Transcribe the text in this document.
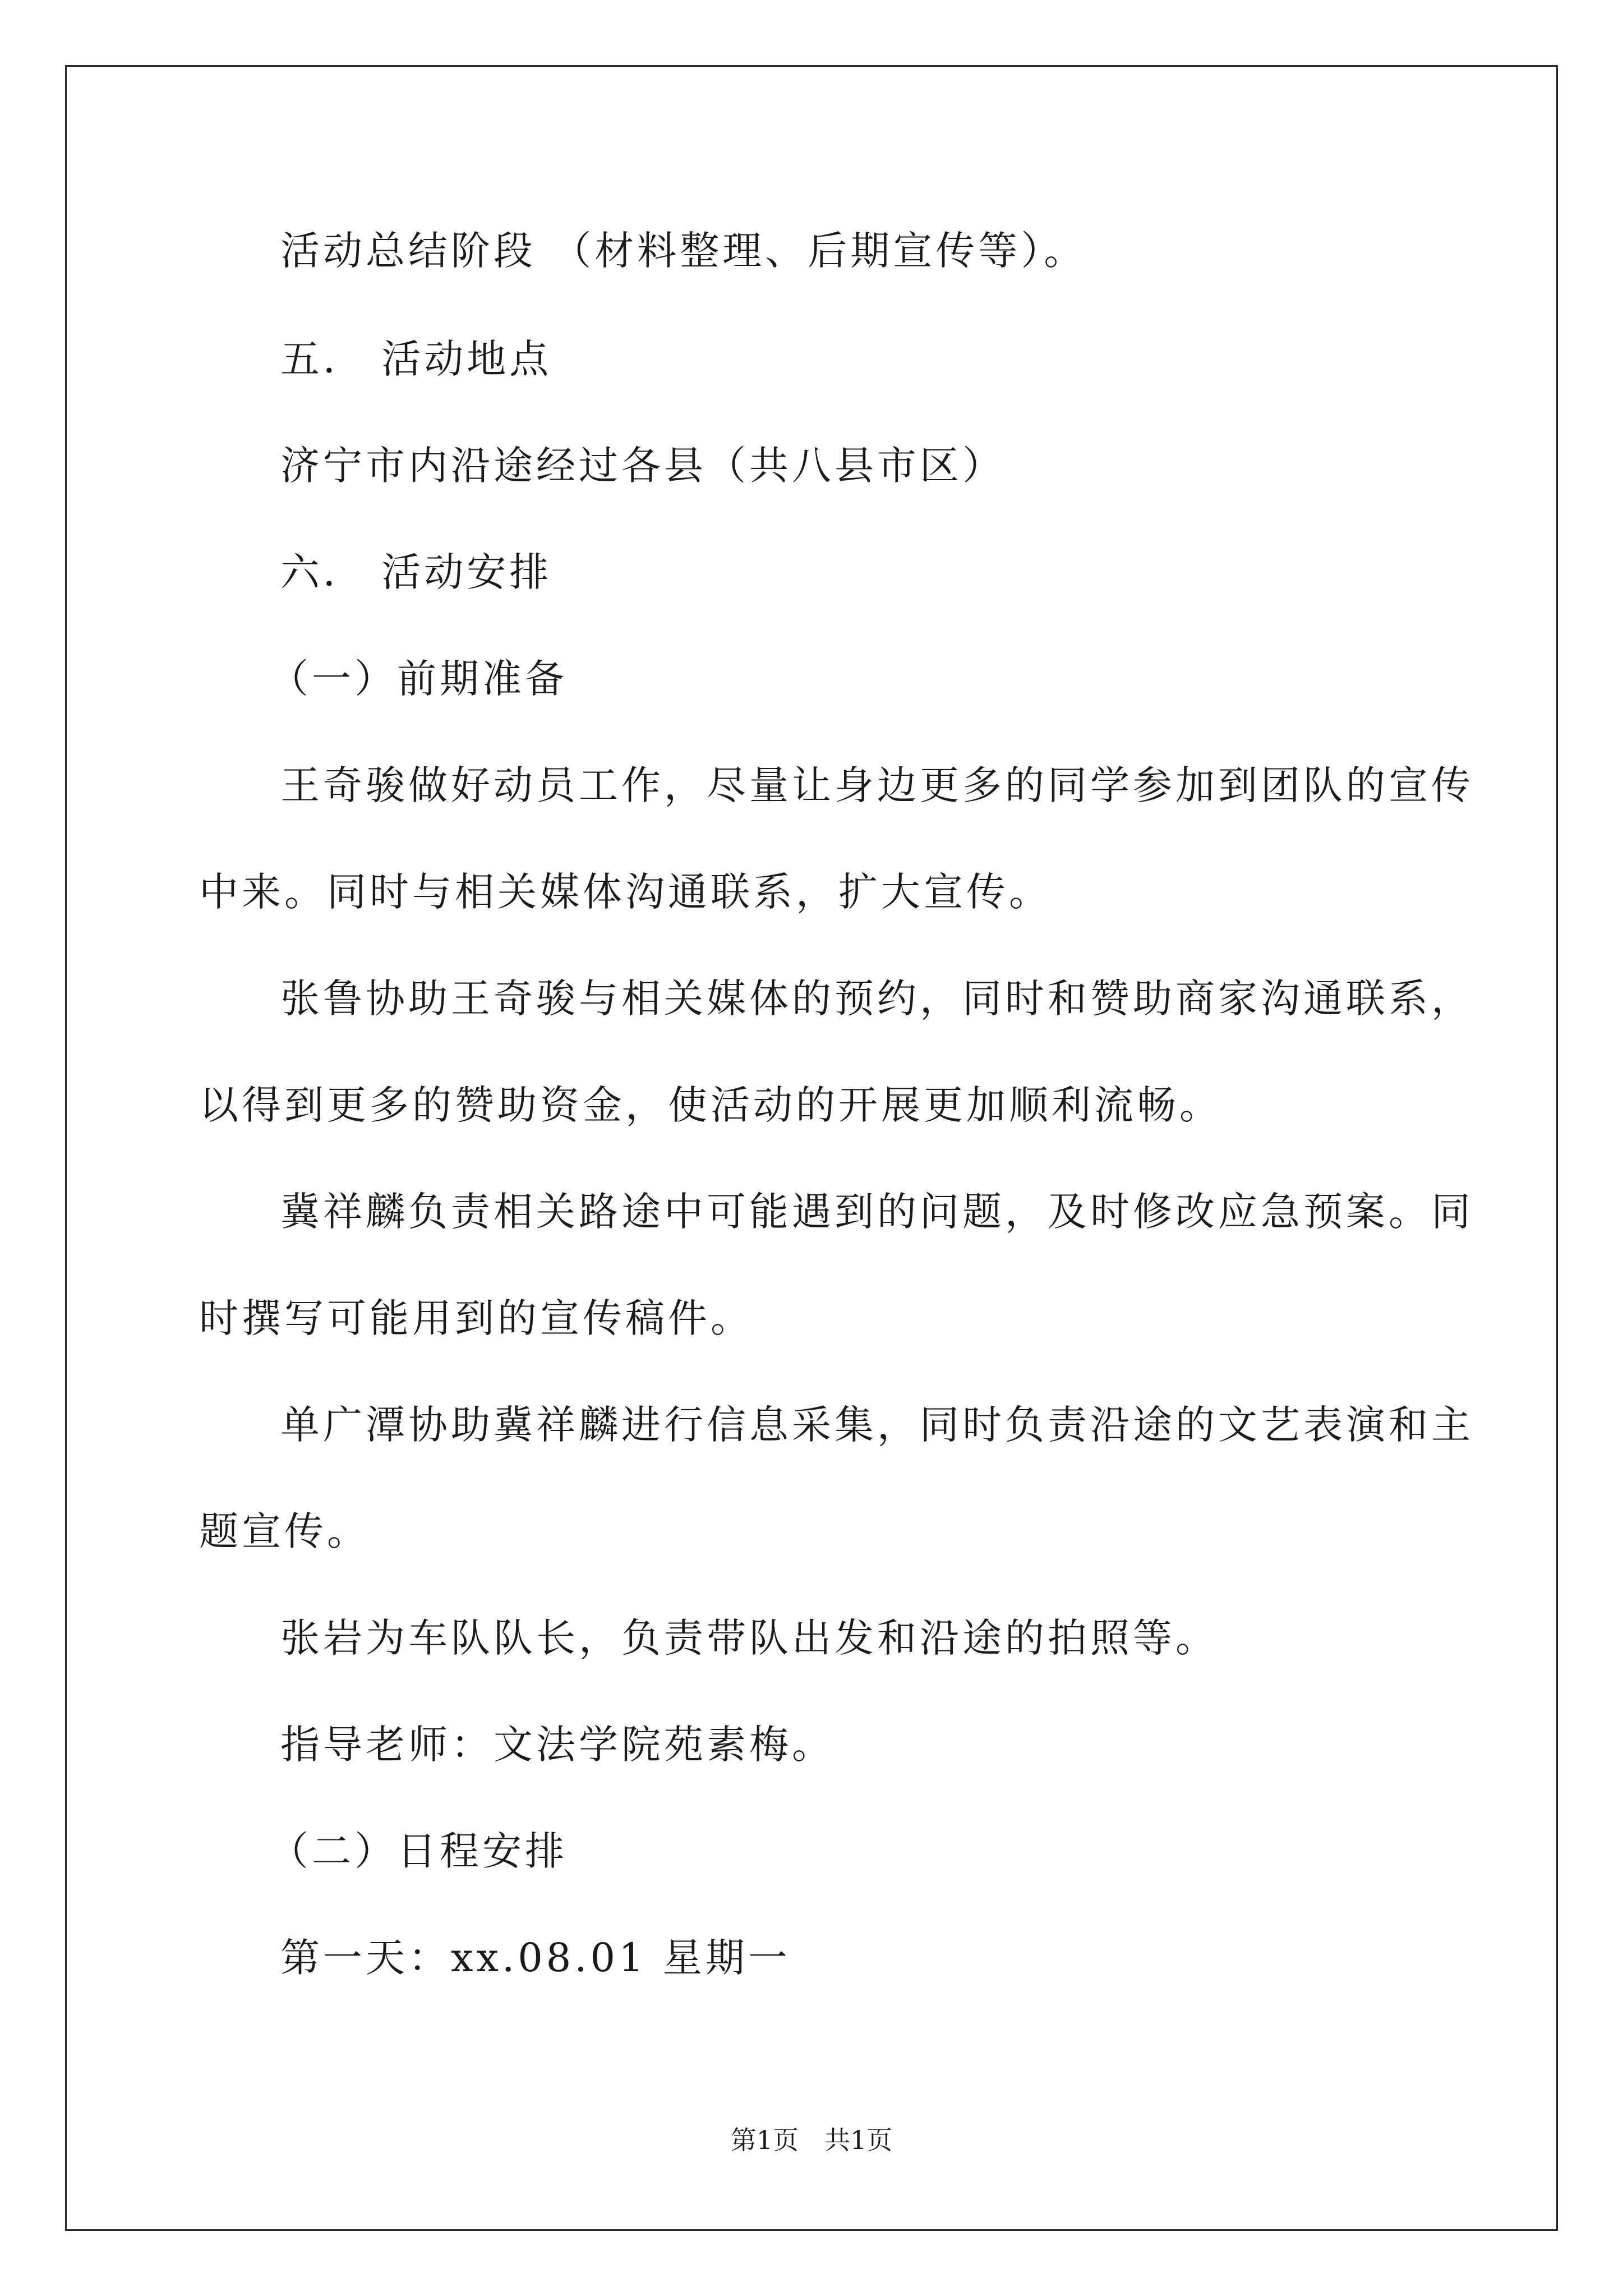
活动总结阶段 （材料整理、后期宣传等）。
五． 活动地点
济宁市内沿途经过各县（共八县市区）
六． 活动安排
（一）前期准备
王奇骏做好动员工作，尽量让身边更多的同学参加到团队的宣传
中来。同时与相关媒体沟通联系，扩大宣传。
张鲁协助王奇骏与相关媒体的预约，同时和赞助商家沟通联系，
以得到更多的赞助资金，使活动的开展更加顺利流畅。
冀祥麟负责相关路途中可能遇到的问题，及时修改应急预案。同
时撰写可能用到的宣传稿件。
单广潭协助冀祥麟进行信息采集，同时负责沿途的文艺表演和主
题宣传。
张岩为车队队长，负责带队出发和沿途的拍照等。
指导老师：文法学院苑素梅。
（二）日程安排
第一天：xx.08.01 星期一
第1页 共1页
